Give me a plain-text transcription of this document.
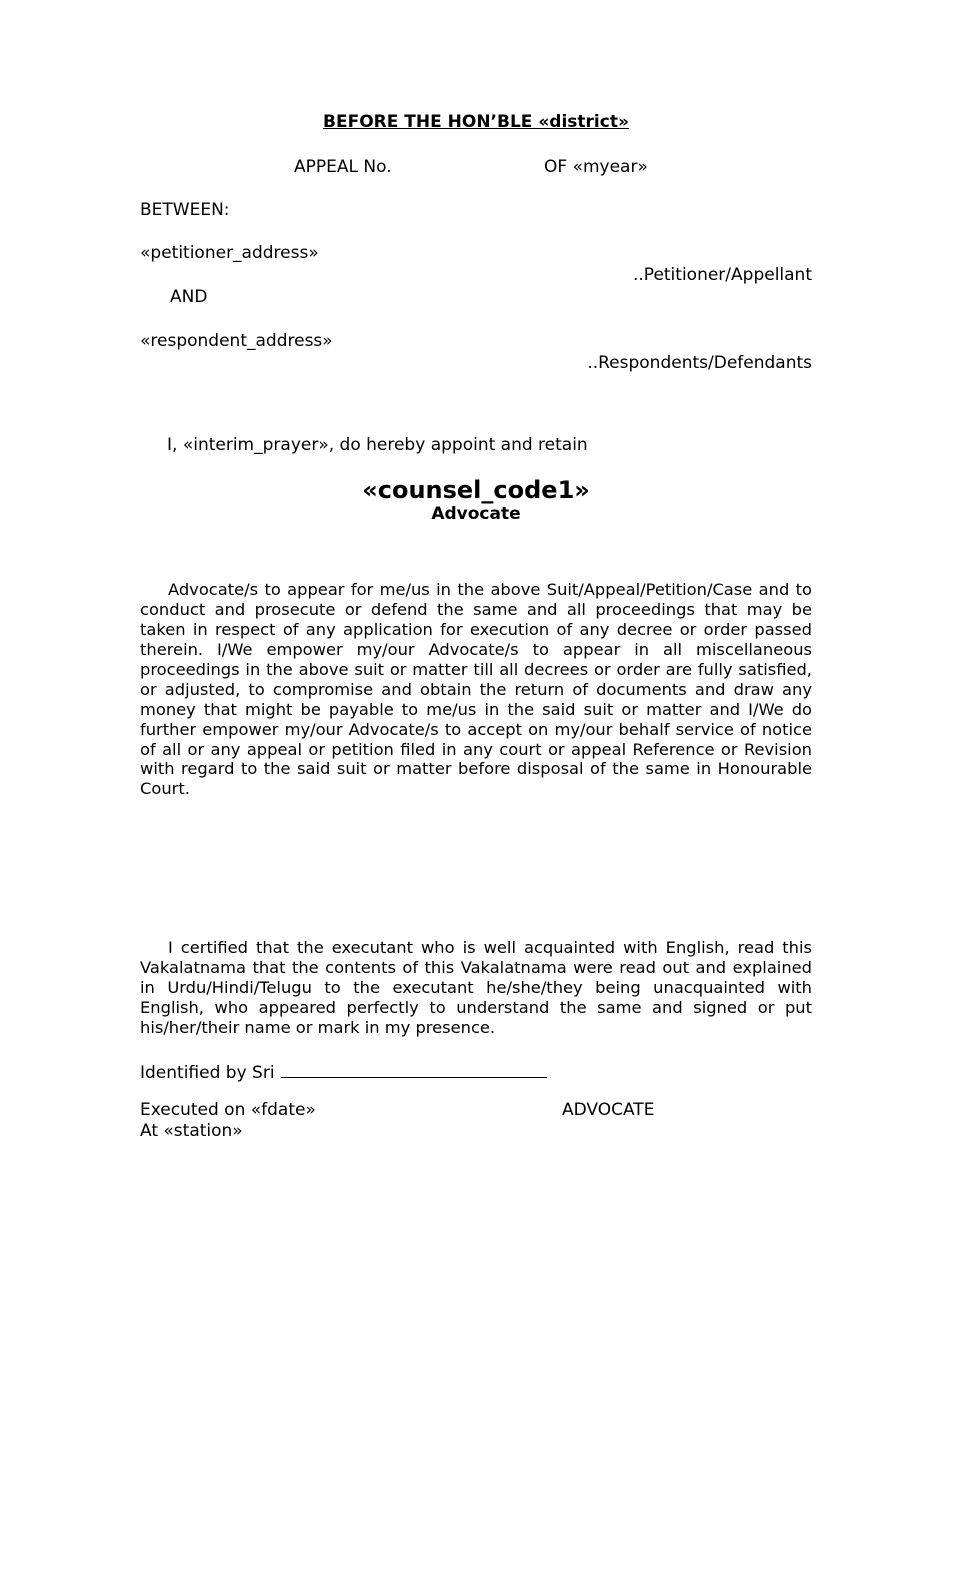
BEFORE THE HON’BLE «district»
APPEAL No.	OF «myear»
BETWEEN:
«petitioner_address»
..Petitioner/Appellant
AND
«respondent_address»
..Respondents/Defendants
I, «interim_prayer», do hereby appoint and retain
«counsel_code1»
Advocate

Advocate/s to appear for me/us in the above Suit/Appeal/Petition/Case and to conduct and prosecute or defend the same and all proceedings that may be taken in respect of any application for execution of any decree or order passed therein. I/We empower my/our Advocate/s to appear in all miscellaneous proceedings in the above suit or matter till all decrees or order are fully satisfied, or adjusted, to compromise and obtain the return of documents and draw any money that might be payable to me/us in the said suit or matter and I/We do further empower my/our Advocate/s to accept on my/our behalf service of notice of all or any appeal or petition filed in any court or appeal Reference or Revision with regard to the said suit or matter before disposal of the same in Honourable Court.

I certified that the executant who is well acquainted with English, read this Vakalatnama that the contents of this Vakalatnama were read out and explained in Urdu/Hindi/Telugu to the executant he/she/they being unacquainted with English, who appeared perfectly to understand the same and signed or put his/her/their name or mark in my presence.

Identified by Sri
Executed on «fdate»	ADVOCATE
At «station»
